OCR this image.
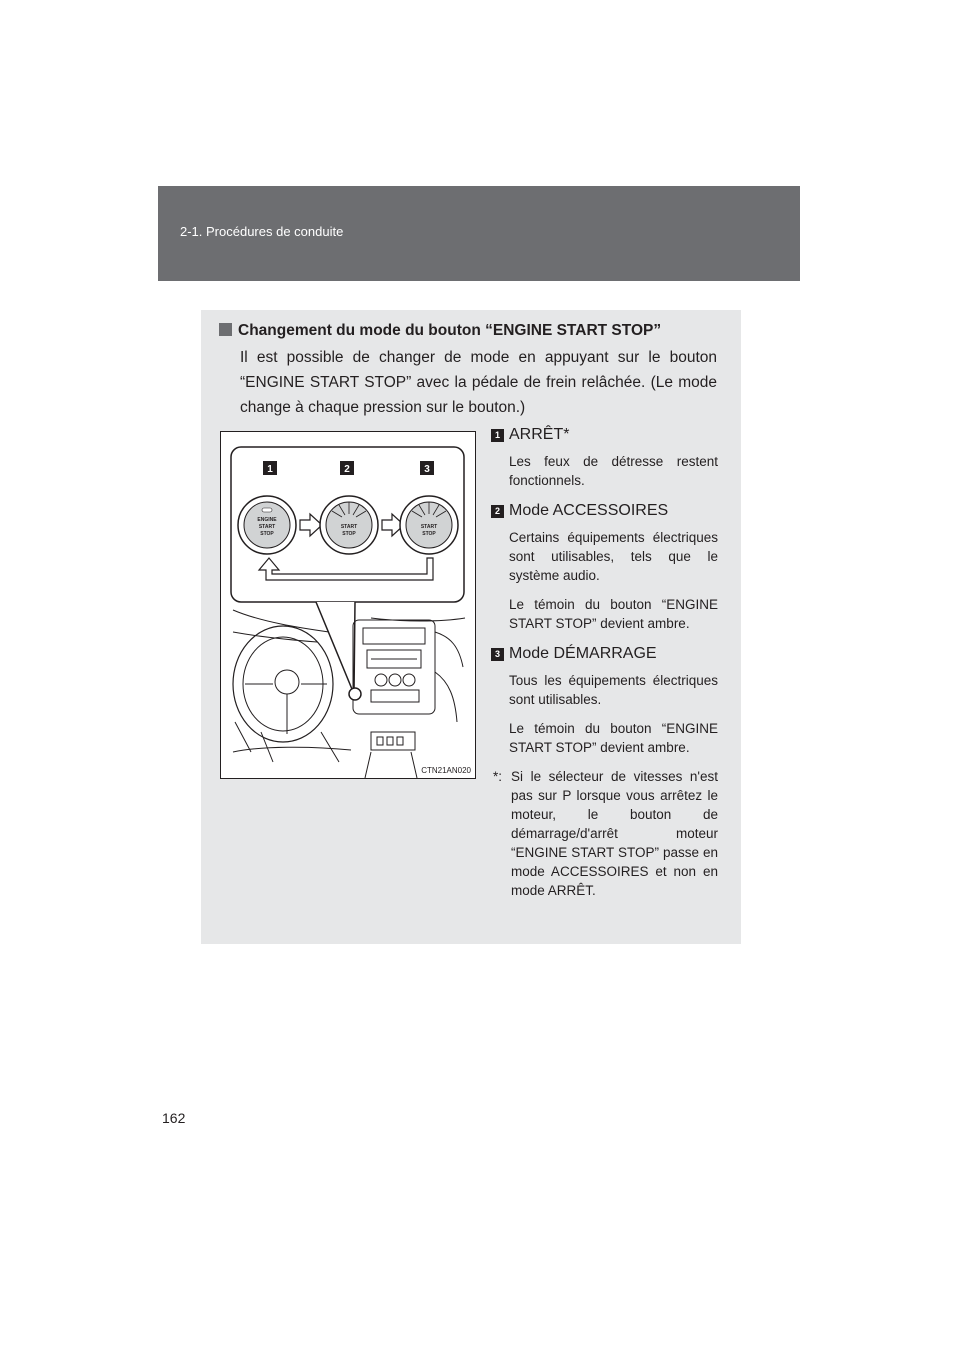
2-1. Procédures de conduite
Changement du mode du bouton “ENGINE START STOP”
Il est possible de changer de mode en appuyant sur le bouton “ENGINE START STOP” avec la pédale de frein relâchée. (Le mode change à chaque pression sur le bouton.)
1	2	3
ENGINE
START
STOP
START
STOP
START
STOP
CTN21AN020
1 ARRÊT*
Les feux de détresse restent fonctionnels.
2 Mode ACCESSOIRES
Certains équipements électriques sont utilisables, tels que le système audio.
Le témoin du bouton “ENGINE START STOP” devient ambre.
3 Mode DÉMARRAGE
Tous les équipements électriques sont utilisables.
Le témoin du bouton “ENGINE START STOP” devient ambre.
*: Si le sélecteur de vitesses n'est pas sur P lorsque vous arrêtez le moteur, le bouton de démarrage/d'arrêt moteur “ENGINE START STOP” passe en mode ACCESSOIRES et non en mode ARRÊT.
162
